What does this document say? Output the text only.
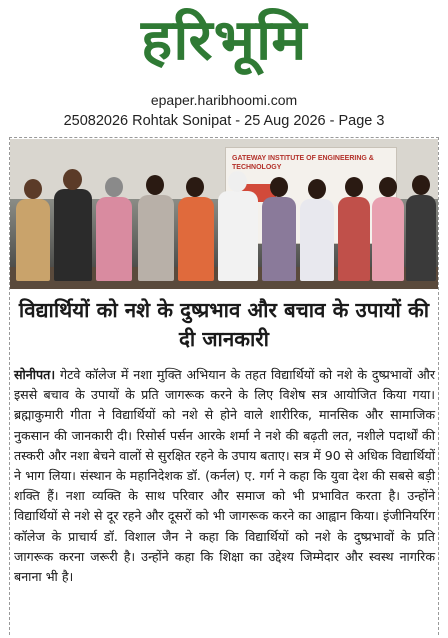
हरिभूमि
epaper.haribhoomi.com
25082026 Rohtak Sonipat - 25 Aug 2026 - Page 3
GATEWAY INSTITUTE OF ENGINEERING & TECHNOLOGY
विद्यार्थियों को नशे के दुष्प्रभाव और बचाव के उपायों की दी जानकारी

सोनीपत। गेटवे कॉलेज में नशा मुक्ति अभियान के तहत विद्यार्थियों को नशे के दुष्प्रभावों और इससे बचाव के उपायों के प्रति जागरूक करने के लिए विशेष सत्र आयोजित किया गया। ब्रह्माकुमारी गीता ने विद्यार्थियों को नशे से होने वाले शारीरिक, मानसिक और सामाजिक नुकसान की जानकारी दी। रिसोर्स पर्सन आरके शर्मा ने नशे की बढ़ती लत, नशीले पदार्थों की तस्करी और नशा बेचने वालों से सुरक्षित रहने के उपाय बताए। सत्र में 90 से अधिक विद्यार्थियों ने भाग लिया। संस्थान के महानिदेशक डॉ. (कर्नल) ए. गर्ग ने कहा कि युवा देश की सबसे बड़ी शक्ति हैं। नशा व्यक्ति के साथ परिवार और समाज को भी प्रभावित करता है। उन्होंने विद्यार्थियों से नशे से दूर रहने और दूसरों को भी जागरूक करने का आह्वान किया। इंजीनियरिंग कॉलेज के प्राचार्य डॉ. विशाल जैन ने कहा कि विद्यार्थियों को नशे के दुष्प्रभावों के प्रति जागरूक करना जरूरी है। उन्होंने कहा कि शिक्षा का उद्देश्य जिम्मेदार और स्वस्थ नागरिक बनाना भी है।
